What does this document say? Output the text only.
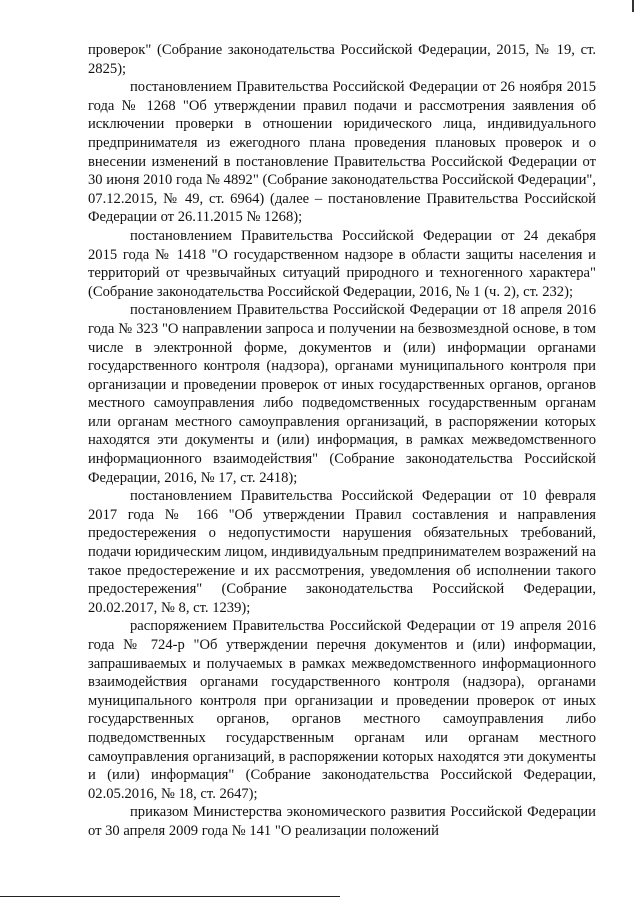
проверок" (Собрание законодательства Российской Федерации, 2015, № 19, ст. 2825);

постановлением Правительства Российской Федерации от 26 ноября 2015 года № 1268 "Об утверждении правил подачи и рассмотрения заявления об исключении проверки в отношении юридического лица, индивидуального предпринимателя из ежегодного плана проведения плановых проверок и о внесении изменений в постановление Правительства Российской Федерации от 30 июня 2010 года № 4892" (Собрание законодательства Российской Федерации", 07.12.2015, № 49, ст. 6964) (далее – постановление Правительства Российской Федерации от 26.11.2015 № 1268);

постановлением Правительства Российской Федерации от 24 декабря 2015 года № 1418 "О государственном надзоре в области защиты населения и территорий от чрезвычайных ситуаций природного и техногенного характера" (Собрание законодательства Российской Федерации, 2016, № 1 (ч. 2), ст. 232);

постановлением Правительства Российской Федерации от 18 апреля 2016 года № 323 "О направлении запроса и получении на безвозмездной основе, в том числе в электронной форме, документов и (или) информации органами государственного контроля (надзора), органами муниципального контроля при организации и проведении проверок от иных государственных органов, органов местного самоуправления либо подведомственных государственным органам или органам местного самоуправления организаций, в распоряжении которых находятся эти документы и (или) информация, в рамках межведомственного информационного взаимодействия" (Собрание законодательства Российской Федерации, 2016, № 17, ст. 2418);

постановлением Правительства Российской Федерации от 10 февраля 2017 года № 166 "Об утверждении Правил составления и направления предостережения о недопустимости нарушения обязательных требований, подачи юридическим лицом, индивидуальным предпринимателем возражений на такое предостережение и их рассмотрения, уведомления об исполнении такого предостережения" (Собрание законодательства Российской Федерации, 20.02.2017, № 8, ст. 1239);

распоряжением Правительства Российской Федерации от 19 апреля 2016 года № 724-р "Об утверждении перечня документов и (или) информации, запрашиваемых и получаемых в рамках межведомственного информационного взаимодействия органами государственного контроля (надзора), органами муниципального контроля при организации и проведении проверок от иных государственных органов, органов местного самоуправления либо подведомственных государственным органам или органам местного самоуправления организаций, в распоряжении которых находятся эти документы и (или) информация" (Собрание законодательства Российской Федерации, 02.05.2016, № 18, ст. 2647);

приказом Министерства экономического развития Российской Федерации от 30 апреля 2009 года № 141 "О реализации положений
